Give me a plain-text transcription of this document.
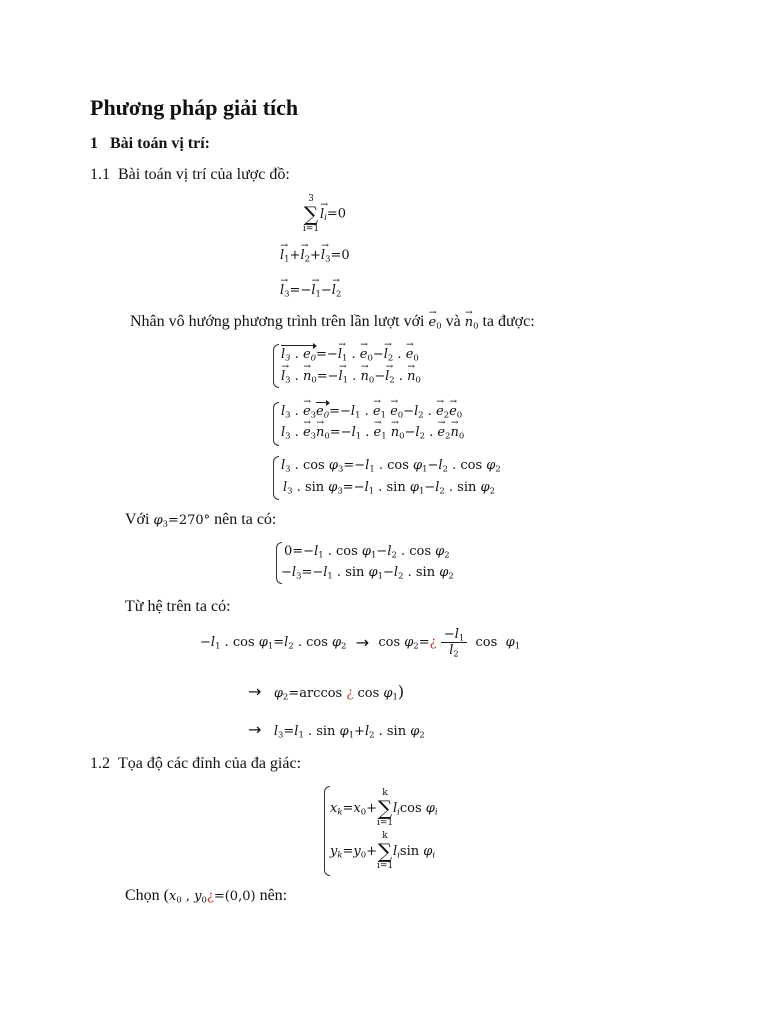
Phương pháp giải tích
1 Bài toán vị trí:
1.1 Bài toán vị trí của lược đồ:
3
∑
i=1
→ $l_i=0$
→ $l_1+\to l_2+\to l_3=0$
→ $l_3=-\to l_1-\to l_2$
Nhân vô hướng phương trình trên lần lượt với → $e_0$ và → $n_0$ ta được:
$l_3$ . $e_0=-\to l_1$ . → $e_0-\to l_2$ . → $e_0$
→ $l_3$ . → $n_0=-\to l_1$ . → $n_0-\to l_2$ . → $n_0$
$l_3$ . → $e_3e_0=-l_1$ . → $e_1 \to e_0-l_2$ . → $e_2\to e_0$
$l_3$ . → $e_3\to n_0=-l_1$ . → $e_1 \to n_0-l_2$ . → $e_2\to n_0$
$l_3$ . $\cos \varphi_3=-l_1$ . $\cos \varphi_1-l_2$ . $\cos \varphi_2$
$l_3$ . $\sin \varphi_3=-l_1$ . $\sin \varphi_1-l_2$ . $\sin \varphi_2$
Với $\varphi_3=270^\circ$ nên ta có:
$0=-l_1$ . $\cos \varphi_1-l_2$ . $\cos \varphi_2$
$-l_3=-l_1$ . $\sin \varphi_1-l_2$ . $\sin \varphi_2$
Từ hệ trên ta có:
$-l_1$ . $\cos \varphi_1=l_2$ . $\cos \varphi_2 \to \cos$ $\varphi_2=¿ \frac{-l_1}{l_2}$ $\cos \varphi_1$
→ $\varphi_2=\arccos$ ¿ $\cos \varphi_1$)
→ $l_3=l_1$ . $\sin \varphi_1+l_2$ . $\sin \varphi_2$
1.2 Tọa độ các đỉnh của đa giác:
$x_k=x_0+$
k
∑
i=1
$l_i\cos$ $\varphi_i$
$y_k=y_0+$
k
∑
i=1
$l_i\sin$ $\varphi_i$
Chọn ($x_0$ , $y_0¿=(0,0)$ nên:
